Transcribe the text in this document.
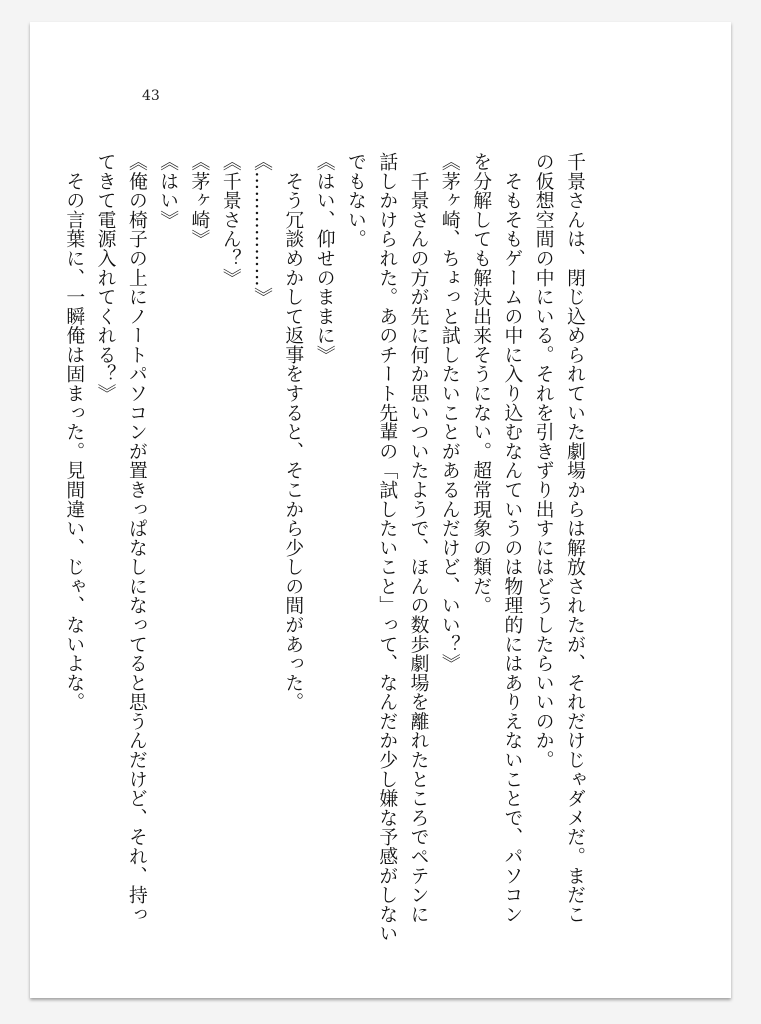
43
千景さんは、閉じ込められていた劇場からは解放されたが、それだけじゃダメだ。まだこ
の仮想空間の中にいる。それを引きずり出すにはどうしたらいいのか。
　そもそもゲームの中に入り込むなんていうのは物理的にはありえないことで、パソコン
を分解しても解決出来そうにない。超常現象の類だ。
《茅ヶ崎、ちょっと試したいことがあるんだけど、いい？》
　千景さんの方が先に何か思いついたようで、ほんの数歩劇場を離れたところでペテンに
話しかけられた。あのチート先輩の「試したいこと」って、なんだか少し嫌な予感がしない
でもない。
《はい、仰せのままに》
　そう冗談めかして返事をすると、そこから少しの間があった。
《………………》
《千景さん？》
《茅ヶ崎》
《はい》
《俺の椅子の上にノートパソコンが置きっぱなしになってると思うんだけど、それ、持っ
てきて電源入れてくれる？》
　その言葉に、一瞬俺は固まった。見間違い、じゃ、ないよな。
